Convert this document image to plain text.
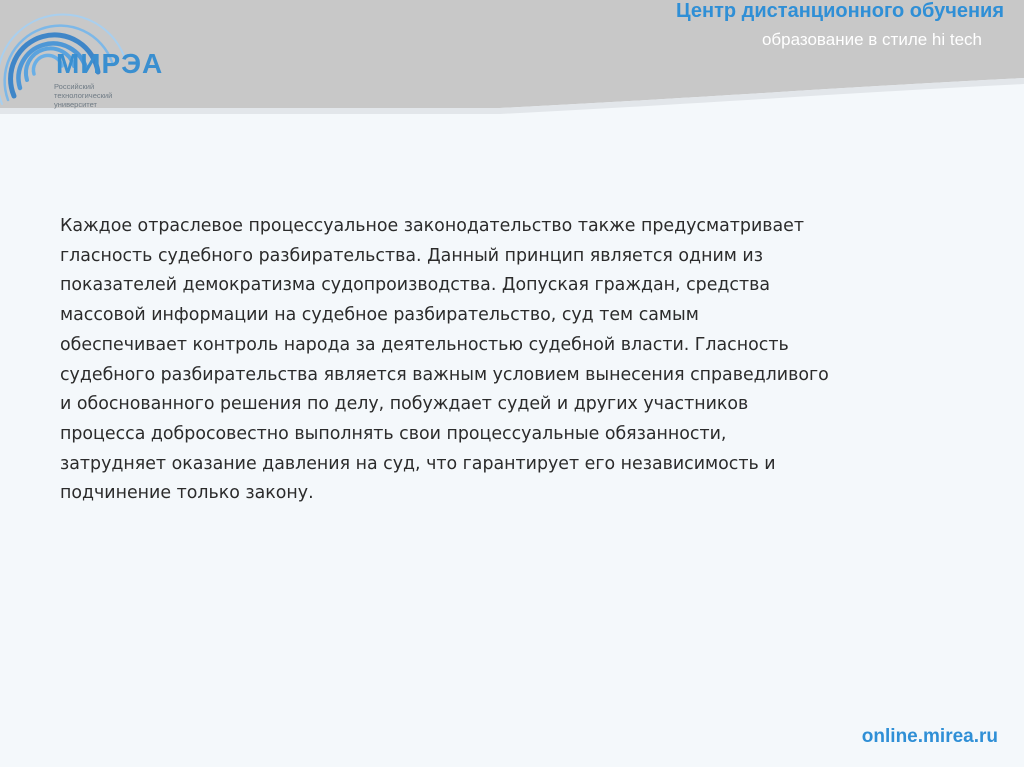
МИРЭА
Российский
технологический
университет
Центр дистанционного обучения
образование в стиле hi tech

Каждое отраслевое процессуальное законодательство также предусматривает
гласность судебного разбирательства. Данный принцип является одним из
показателей демократизма судопроизводства. Допуская граждан, средства
массовой информации на судебное разбирательство, суд тем самым
обеспечивает контроль народа за деятельностью судебной власти. Гласность
судебного разбирательства является важным условием вынесения справедливого
и обоснованного решения по делу, побуждает судей и других участников
процесса добросовестно выполнять свои процессуальные обязанности,
затрудняет оказание давления на суд, что гарантирует его независимость и
подчинение только закону.

online.mirea.ru
